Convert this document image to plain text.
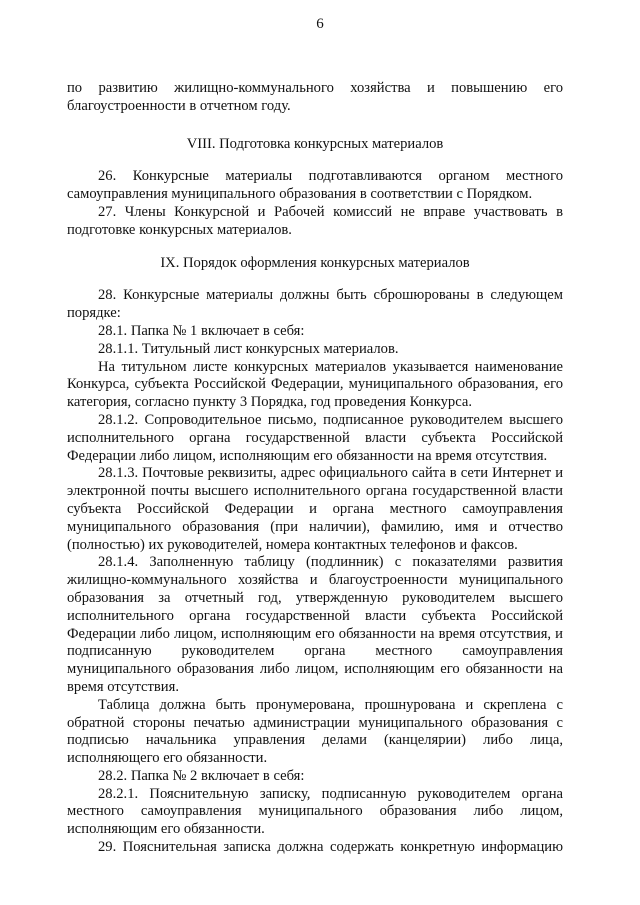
6

по развитию жилищно-коммунального хозяйства и повышению его благоустроенности в отчетном году.

VIII. Подготовка конкурсных материалов

26. Конкурсные материалы подготавливаются органом местного самоуправления муниципального образования в соответствии с Порядком.

27. Члены Конкурсной и Рабочей комиссий не вправе участвовать в подготовке конкурсных материалов.

IX. Порядок оформления конкурсных материалов

28. Конкурсные материалы должны быть сброшюрованы в следующем порядке:

28.1. Папка № 1 включает в себя:

28.1.1. Титульный лист конкурсных материалов.

На титульном листе конкурсных материалов указывается наименование Конкурса, субъекта Российской Федерации, муниципального образования, его категория, согласно пункту 3 Порядка, год проведения Конкурса.

28.1.2. Сопроводительное письмо, подписанное руководителем высшего исполнительного органа государственной власти субъекта Российской Федерации либо лицом, исполняющим его обязанности на время отсутствия.

28.1.3. Почтовые реквизиты, адрес официального сайта в сети Интернет и электронной почты высшего исполнительного органа государственной власти субъекта Российской Федерации и органа местного самоуправления муниципального образования (при наличии), фамилию, имя и отчество (полностью) их руководителей, номера контактных телефонов и факсов.

28.1.4. Заполненную таблицу (подлинник) с показателями развития жилищно-коммунального хозяйства и благоустроенности муниципального образования за отчетный год, утвержденную руководителем высшего исполнительного органа государственной власти субъекта Российской Федерации либо лицом, исполняющим его обязанности на время отсутствия, и подписанную руководителем органа местного самоуправления муниципального образования либо лицом, исполняющим его обязанности на время отсутствия.

Таблица должна быть пронумерована, прошнурована и скреплена с обратной стороны печатью администрации муниципального образования с подписью начальника управления делами (канцелярии) либо лица, исполняющего его обязанности.

28.2. Папка № 2 включает в себя:

28.2.1. Пояснительную записку, подписанную руководителем органа местного самоуправления муниципального образования либо лицом, исполняющим его обязанности.

29. Пояснительная записка должна содержать конкретную информацию
